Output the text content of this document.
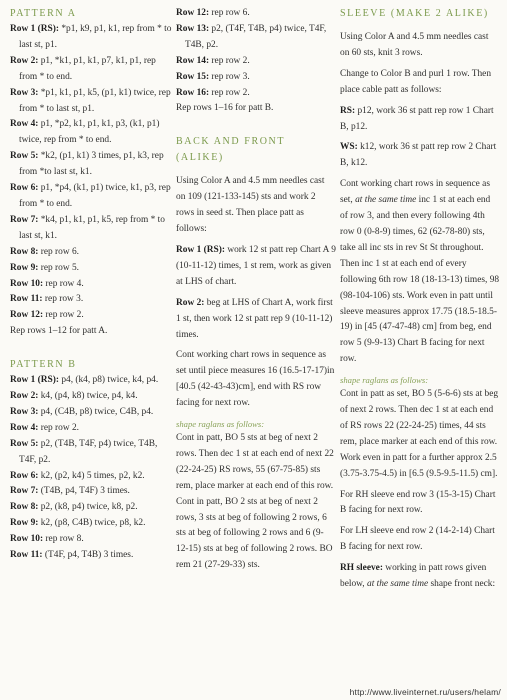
PATTERN A

Row 1 (RS): *p1, k9, p1, k1, rep from * to last st, p1.

Row 2: p1, *k1, p1, k1, p7, k1, p1, rep from * to end.

Row 3: *p1, k1, p1, k5, (p1, k1) twice, rep from * to last st, p1.

Row 4: p1, *p2, k1, p1, k1, p3, (k1, p1) twice, rep from * to end.

Row 5: *k2, (p1, k1) 3 times, p1, k3, rep from *to last st, k1.

Row 6: p1, *p4, (k1, p1) twice, k1, p3, rep from * to end.

Row 7: *k4, p1, k1, p1, k5, rep from * to last st, k1.

Row 8: rep row 6.

Row 9: rep row 5.

Row 10: rep row 4.

Row 11: rep row 3.

Row 12: rep row 2.

Rep rows 1–12 for patt A.

PATTERN B

Row 1 (RS): p4, (k4, p8) twice, k4, p4.

Row 2: k4, (p4, k8) twice, p4, k4.

Row 3: p4, (C4B, p8) twice, C4B, p4.

Row 4: rep row 2.

Row 5: p2, (T4B, T4F, p4) twice, T4B, T4F, p2.

Row 6: k2, (p2, k4) 5 times, p2, k2.

Row 7: (T4B, p4, T4F) 3 times.

Row 8: p2, (k8, p4) twice, k8, p2.

Row 9: k2, (p8, C4B) twice, p8, k2.

Row 10: rep row 8.

Row 11: (T4F, p4, T4B) 3 times.

Row 12: rep row 6.

Row 13: p2, (T4F, T4B, p4) twice, T4F, T4B, p2.

Row 14: rep row 2.

Row 15: rep row 3.

Row 16: rep row 2.

Rep rows 1–16 for patt B.

BACK AND FRONT
(ALIKE)

Using Color A and 4.5 mm needles cast on 109 (121-133-145) sts and work 2 rows in seed st. Then place patt as follows:

Row 1 (RS): work 12 st patt rep Chart A 9 (10-11-12) times, 1 st rem, work as given at LHS of chart.

Row 2: beg at LHS of Chart A, work first 1 st, then work 12 st patt rep 9 (10-11-12) times.

Cont working chart rows in sequence as set until piece measures 16 (16.5-17-17)in [40.5 (42-43-43)cm], end with RS row facing for next row.

shape raglans as follows:

Cont in patt, BO 5 sts at beg of next 2 rows. Then dec 1 st at each end of next 22 (22-24-25) RS rows, 55 (67-75-85) sts rem, place marker at each end of this row. Cont in patt, BO 2 sts at beg of next 2 rows, 3 sts at beg of following 2 rows, 6 sts at beg of following 2 rows and 6 (9-12-15) sts at beg of following 2 rows. BO rem 21 (27-29-33) sts.

SLEEVE (MAKE 2 ALIKE)

Using Color A and 4.5 mm needles cast on 60 sts, knit 3 rows.

Change to Color B and purl 1 row. Then place cable patt as follows:

RS: p12, work 36 st patt rep row 1 Chart B, p12.

WS: k12, work 36 st patt rep row 2 Chart B, k12.

Cont working chart rows in sequence as set, at the same time inc 1 st at each end of row 3, and then every following 4th row 0 (0-8-9) times, 62 (62-78-80) sts, take all inc sts in rev St St throughout. Then inc 1 st at each end of every following 6th row 18 (18-13-13) times, 98 (98-104-106) sts. Work even in patt until sleeve measures approx 17.75 (18.5-18.5-19) in [45 (47-47-48) cm] from beg, end row 5 (9-9-13) Chart B facing for next row.

shape raglans as follows:

Cont in patt as set, BO 5 (5-6-6) sts at beg of next 2 rows. Then dec 1 st at each end of RS rows 22 (22-24-25) times, 44 sts rem, place marker at each end of this row. Work even in patt for a further approx 2.5 (3.75-3.75-4.5) in [6.5 (9.5-9.5-11.5) cm].

For RH sleeve end row 3 (15-3-15) Chart B facing for next row.

For LH sleeve end row 2 (14-2-14) Chart B facing for next row.

RH sleeve: working in patt rows given below, at the same time shape front neck:

http://www.liveinternet.ru/users/helam/
